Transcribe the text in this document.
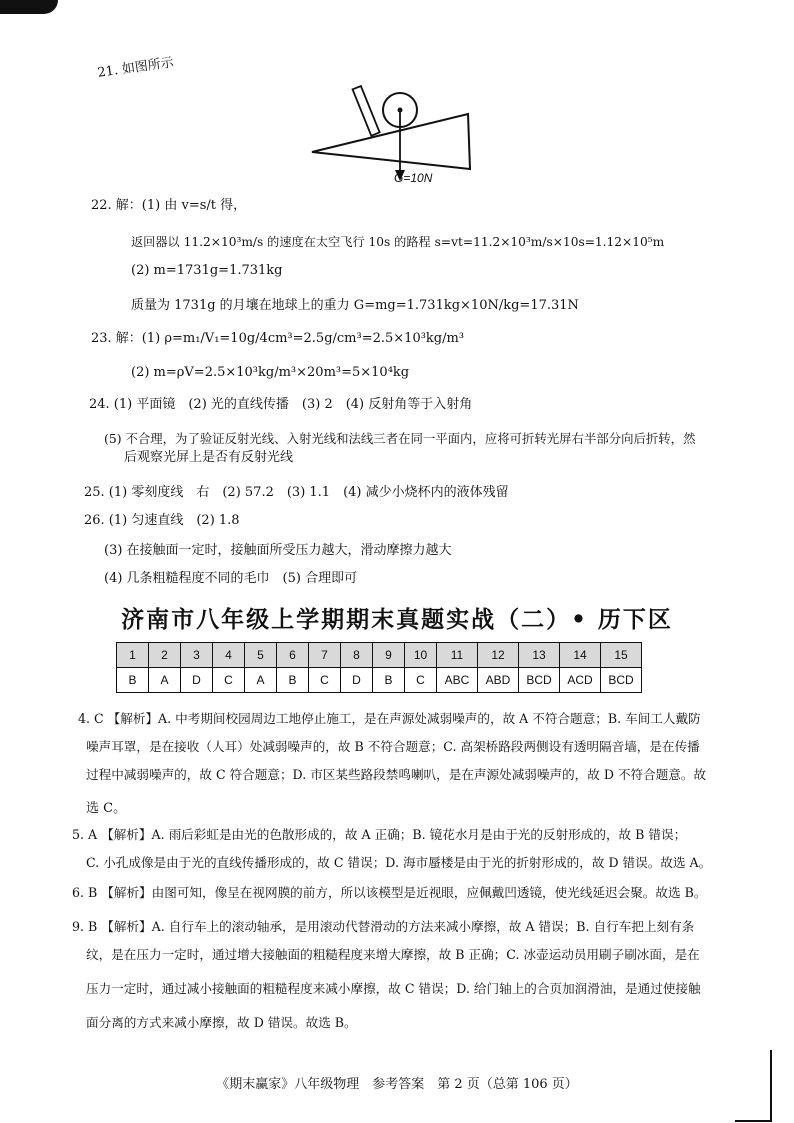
21. 如图所示
G=10N
22. 解：(1) 由 v=s/t 得，
返回器以 11.2×10³m/s 的速度在太空飞行 10s 的路程 s=vt=11.2×10³m/s×10s=1.12×10⁵m
(2) m=1731g=1.731kg
质量为 1731g 的月壤在地球上的重力 G=mg=1.731kg×10N/kg=17.31N
23. 解：(1) ρ=m₁/V₁=10g/4cm³=2.5g/cm³=2.5×10³kg/m³
(2) m=ρV=2.5×10³kg/m³×20m³=5×10⁴kg
24. (1) 平面镜　(2) 光的直线传播　(3) 2　(4) 反射角等于入射角
(5) 不合理，为了验证反射光线、入射光线和法线三者在同一平面内，应将可折转光屏右半部分向后折转，然
后观察光屏上是否有反射光线
25. (1) 零刻度线　右　(2) 57.2　(3) 1.1　(4) 减少小烧杯内的液体残留
26. (1) 匀速直线　(2) 1.8
(3) 在接触面一定时，接触面所受压力越大，滑动摩擦力越大
(4) 几条粗糙程度不同的毛巾　(5) 合理即可
济南市八年级上学期期末真题实战（二）• 历下区
1	2	3	4	5	6	7	8	9	10	11	12	13	14	15
B	A	D	C	A	B	C	D	B	C	ABC	ABD	BCD	ACD	BCD
4. C 【解析】A. 中考期间校园周边工地停止施工，是在声源处减弱噪声的，故 A 不符合题意；B. 车间工人戴防
噪声耳罩，是在接收（人耳）处减弱噪声的，故 B 不符合题意；C. 高架桥路段两侧设有透明隔音墙，是在传播
过程中减弱噪声的，故 C 符合题意；D. 市区某些路段禁鸣喇叭，是在声源处减弱噪声的，故 D 不符合题意。故
选 C。
5. A 【解析】A. 雨后彩虹是由光的色散形成的，故 A 正确；B. 镜花水月是由于光的反射形成的，故 B 错误；
C. 小孔成像是由于光的直线传播形成的，故 C 错误；D. 海市蜃楼是由于光的折射形成的，故 D 错误。故选 A。
6. B 【解析】由图可知，像呈在视网膜的前方，所以该模型是近视眼，应佩戴凹透镜，使光线延迟会聚。故选 B。
9. B 【解析】A. 自行车上的滚动轴承，是用滚动代替滑动的方法来减小摩擦，故 A 错误；B. 自行车把上刻有条
纹，是在压力一定时，通过增大接触面的粗糙程度来增大摩擦，故 B 正确；C. 冰壶运动员用刷子刷冰面，是在
压力一定时，通过减小接触面的粗糙程度来减小摩擦，故 C 错误；D. 给门轴上的合页加润滑油，是通过使接触
面分离的方式来减小摩擦，故 D 错误。故选 B。
《期末赢家》八年级物理　参考答案　第 2 页（总第 106 页）
